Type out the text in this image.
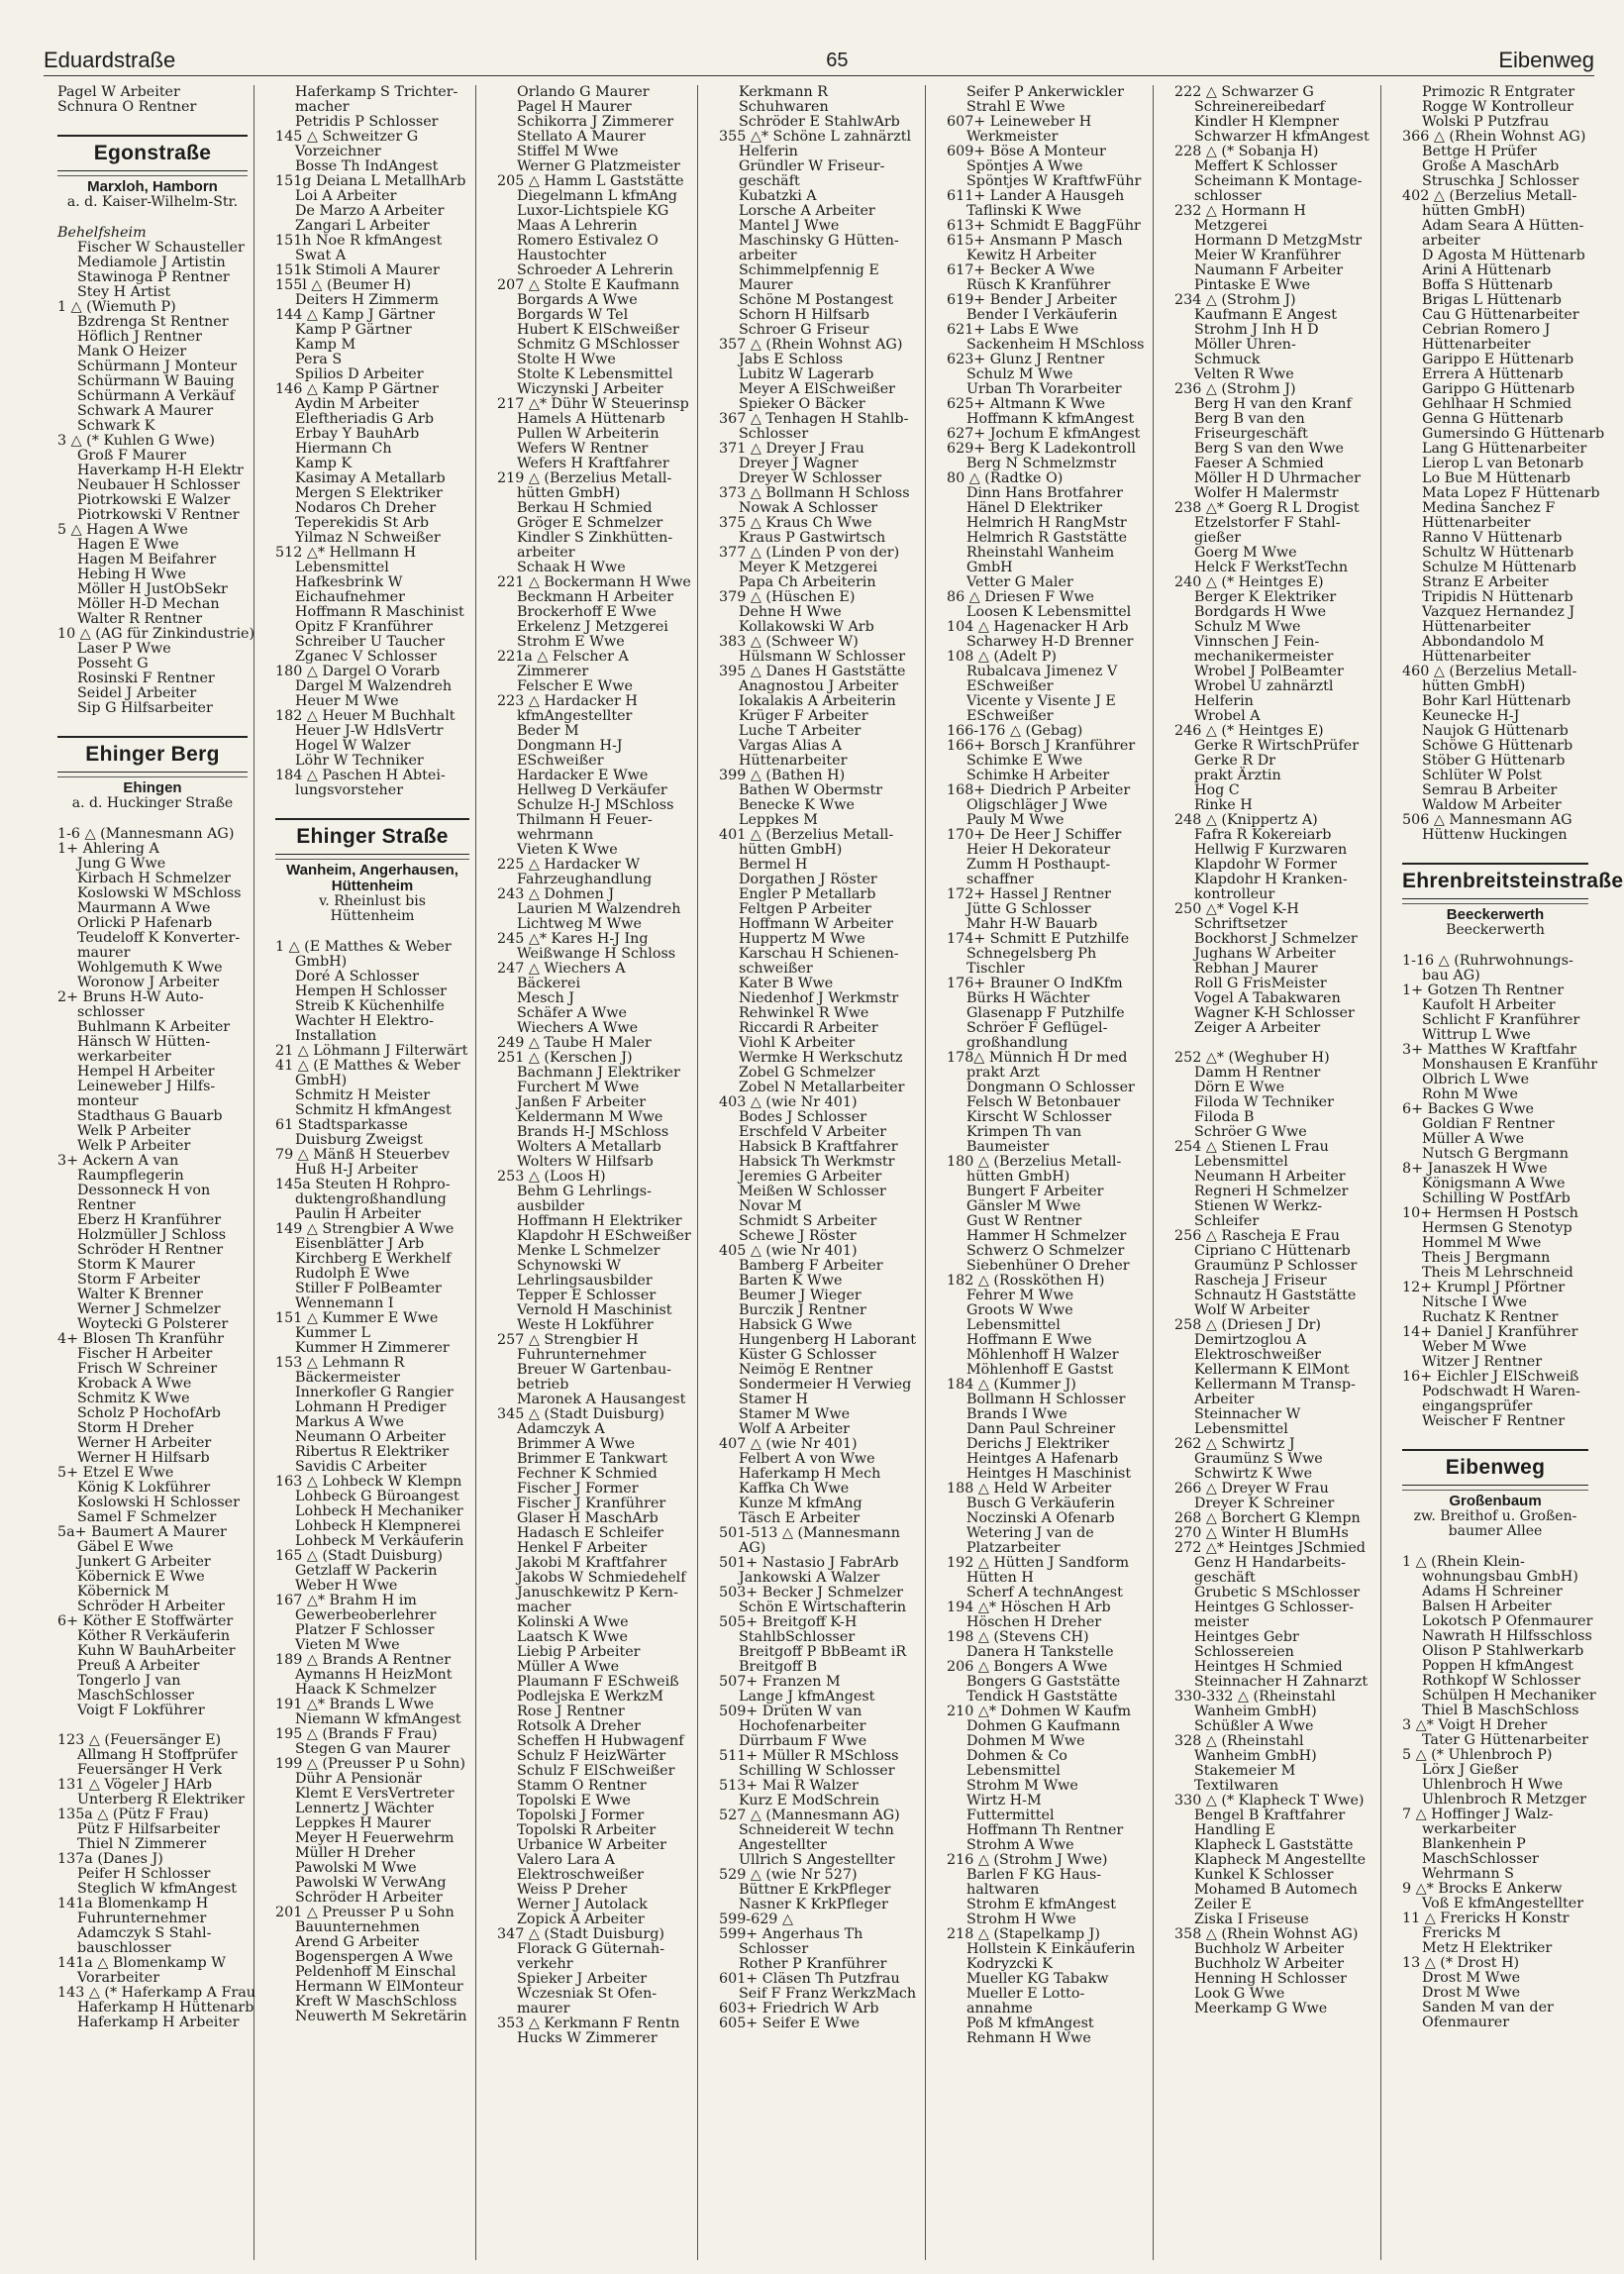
Eduardstraße	65	Eibenweg
Pagel W Arbeiter
Schnura O Rentner
Egonstraße
Marxloh, Hamborn
a. d. Kaiser-Wilhelm-Str.
Behelfsheim
Fischer W Schausteller
Mediamole J Artistin
Stawinoga P Rentner
Stey H Artist
1 △ (Wiemuth P)
Bzdrenga St Rentner
Höflich J Rentner
Mank O Heizer
Schürmann J Monteur
Schürmann W Bauing
Schürmann A Verkäuf
Schwark A Maurer
Schwark K
3 △ (* Kuhlen G Wwe)
Groß F Maurer
Haverkamp H-H Elektr
Neubauer H Schlosser
Piotrkowski E Walzer
Piotrkowski V Rentner
5 △ Hagen A Wwe
Hagen E Wwe
Hagen M Beifahrer
Hebing H Wwe
Möller H JustObSekr
Möller H-D Mechan
Walter R Rentner
10 △ (AG für Zinkindustrie)
Laser P Wwe
Posseht G
Rosinski F Rentner
Seidel J Arbeiter
Sip G Hilfsarbeiter
Ehinger Berg
Ehingen
a. d. Huckinger Straße
1-6 △ (Mannesmann AG)
1+ Ahlering A
Jung G Wwe
Kirbach H Schmelzer
Koslowski W MSchloss
Maurmann A Wwe
Orlicki P Hafenarb
Teudeloff K Konverter-
maurer
Wohlgemuth K Wwe
Woronow J Arbeiter
2+ Bruns H-W Auto-
schlosser
Buhlmann K Arbeiter
Hänsch W Hütten-
werkarbeiter
Hempel H Arbeiter
Leineweber J Hilfs-
monteur
Stadthaus G Bauarb
Welk P Arbeiter
Welk P Arbeiter
3+ Ackern A van
Raumpflegerin
Dessonneck H von
Rentner
Eberz H Kranführer
Holzmüller J Schloss
Schröder H Rentner
Storm K Maurer
Storm F Arbeiter
Walter K Brenner
Werner J Schmelzer
Woytecki G Polsterer
4+ Blosen Th Kranführ
Fischer H Arbeiter
Frisch W Schreiner
Kroback A Wwe
Schmitz K Wwe
Scholz P HochofArb
Storm H Dreher
Werner H Arbeiter
Werner H Hilfsarb
5+ Etzel E Wwe
König K Lokführer
Koslowski H Schlosser
Samel F Schmelzer
5a+ Baumert A Maurer
Gäbel E Wwe
Junkert G Arbeiter
Köbernick E Wwe
Köbernick M
Schröder H Arbeiter
6+ Köther E Stoffwärter
Köther R Verkäuferin
Kuhn W BauhArbeiter
Preuß A Arbeiter
Tongerlo J van
MaschSchlosser
Voigt F Lokführer

123 △ (Feuersänger E)
Allmang H Stoffprüfer
Feuersänger H Verk
131 △ Vögeler J HArb
Unterberg R Elektriker
135a △ (Pütz F Frau)
Pütz F Hilfsarbeiter
Thiel N Zimmerer
137a (Danes J)
Peifer H Schlosser
Steglich W kfmAngest
141a Blomenkamp H
Fuhrunternehmer
Adamczyk S Stahl-
bauschlosser
141a △ Blomenkamp W
Vorarbeiter
143 △ (* Haferkamp A Frau
Haferkamp H Hüttenarb
Haferkamp H Arbeiter
Haferkamp S Trichter-
macher
Petridis P Schlosser
145 △ Schweitzer G
Vorzeichner
Bosse Th IndAngest
151g Deiana L MetallhArb
Loi A Arbeiter
De Marzo A Arbeiter
Zangari L Arbeiter
151h Noe R kfmAngest
Swat A
151k Stimoli A Maurer
155l △ (Beumer H)
Deiters H Zimmerm
144 △ Kamp J Gärtner
Kamp P Gärtner
Kamp M
Pera S
Spilios D Arbeiter
146 △ Kamp P Gärtner
Aydin M Arbeiter
Eleftheriadis G Arb
Erbay Y BauhArb
Hiermann Ch
Kamp K
Kasimay A Metallarb
Mergen S Elektriker
Nodaros Ch Dreher
Teperekidis St Arb
Yilmaz N Schweißer
512 △* Hellmann H
Lebensmittel
Hafkesbrink W
Eichaufnehmer
Hoffmann R Maschinist
Opitz F Kranführer
Schreiber U Taucher
Zganec V Schlosser
180 △ Dargel O Vorarb
Dargel M Walzendreh
Heuer M Wwe
182 △ Heuer M Buchhalt
Heuer J-W HdlsVertr
Hogel W Walzer
Löhr W Techniker
184 △ Paschen H Abtei-
lungsvorsteher
Ehinger Straße
Wanheim, Angerhausen, Hüttenheim
v. Rheinlust bis Hüttenheim
1 △ (E Matthes & Weber
GmbH)
Doré A Schlosser
Hempen H Schlosser
Streib K Küchenhilfe
Wachter H Elektro-
Installation
21 △ Löhmann J Filterwärt
41 △ (E Matthes & Weber
GmbH)
Schmitz H Meister
Schmitz H kfmAngest
61 Stadtsparkasse
Duisburg Zweigst
79 △ Mänß H Steuerbev
Huß H-J Arbeiter
145a Steuten H Rohpro-
duktengroßhandlung
Paulin H Arbeiter
149 △ Strengbier A Wwe
Eisenblätter J Arb
Kirchberg E Werkhelf
Rudolph E Wwe
Stiller F PolBeamter
Wennemann I
151 △ Kummer E Wwe
Kummer L
Kummer H Zimmerer
153 △ Lehmann R
Bäckermeister
Innerkofler G Rangier
Lohmann H Prediger
Markus A Wwe
Neumann O Arbeiter
Ribertus R Elektriker
Savidis C Arbeiter
163 △ Lohbeck W Klempn
Lohbeck G Büroangest
Lohbeck H Mechaniker
Lohbeck H Klempnerei
Lohbeck M Verkäuferin
165 △ (Stadt Duisburg)
Getzlaff W Packerin
Weber H Wwe
167 △* Brahm H im
Gewerbeoberlehrer
Platzer F Schlosser
Vieten M Wwe
189 △ Brands A Rentner
Aymanns H HeizMont
Haack K Schmelzer
191 △* Brands L Wwe
Niemann W kfmAngest
195 △ (Brands F Frau)
Stegen G van Maurer
199 △ (Preusser P u Sohn)
Dühr A Pensionär
Klemt E VersVertreter
Lennertz J Wächter
Leppkes H Maurer
Meyer H Feuerwehrm
Müller H Dreher
Pawolski M Wwe
Pawolski W VerwAng
Schröder H Arbeiter
201 △ Preusser P u Sohn
Bauunternehmen
Arend G Arbeiter
Bogenspergen A Wwe
Peldenhoff M Einschal
Hermann W ElMonteur
Kreft W MaschSchloss
Neuwerth M Sekretärin
Orlando G Maurer
Pagel H Maurer
Schikorra J Zimmerer
Stellato A Maurer
Stiffel M Wwe
Werner G Platzmeister
205 △ Hamm L Gaststätte
Diegelmann L kfmAng
Luxor-Lichtspiele KG
Maas A Lehrerin
Romero Estivalez O
Haustochter
Schroeder A Lehrerin
207 △ Stolte E Kaufmann
Borgards A Wwe
Borgards W Tel
Hubert K ElSchweißer
Schmitz G MSchlosser
Stolte H Wwe
Stolte K Lebensmittel
Wiczynski J Arbeiter
217 △* Dühr W Steuerinsp
Hamels A Hüttenarb
Pullen W Arbeiterin
Wefers W Rentner
Wefers H Kraftfahrer
219 △ (Berzelius Metall-
hütten GmbH)
Berkau H Schmied
Gröger E Schmelzer
Kindler S Zinkhütten-
arbeiter
Schaak H Wwe
221 △ Bockermann H Wwe
Beckmann H Arbeiter
Brockerhoff E Wwe
Erkelenz J Metzgerei
Strohm E Wwe
221a △ Felscher A
Zimmerer
Felscher E Wwe
223 △ Hardacker H
kfmAngestellter
Beder M
Dongmann H-J
ESchweißer
Hardacker E Wwe
Hellweg D Verkäufer
Schulze H-J MSchloss
Thilmann H Feuer-
wehrmann
Vieten K Wwe
225 △ Hardacker W
Fahrzeughandlung
243 △ Dohmen J
Laurien M Walzendreh
Lichtweg M Wwe
245 △* Kares H-J Ing
Weißwange H Schloss
247 △ Wiechers A
Bäckerei
Mesch J
Schäfer A Wwe
Wiechers A Wwe
249 △ Taube H Maler
251 △ (Kerschen J)
Bachmann J Elektriker
Furchert M Wwe
Janßen F Arbeiter
Keldermann M Wwe
Brands H-J MSchloss
Wolters A Metallarb
Wolters W Hilfsarb
253 △ (Loos H)
Behm G Lehrlings-
ausbilder
Hoffmann H Elektriker
Klapdohr H ESchweißer
Menke L Schmelzer
Schynowski W
Lehrlingsausbilder
Tepper E Schlosser
Vernold H Maschinist
Weste H Lokführer
257 △ Strengbier H
Fuhrunternehmer
Breuer W Gartenbau-
betrieb
Maronek A Hausangest
345 △ (Stadt Duisburg)
Adamczyk A
Brimmer A Wwe
Brimmer E Tankwart
Fechner K Schmied
Fischer J Former
Fischer J Kranführer
Glaser H MaschArb
Hadasch E Schleifer
Henkel F Arbeiter
Jakobi M Kraftfahrer
Jakobs W Schmiedehelf
Januschkewitz P Kern-
macher
Kolinski A Wwe
Laatsch K Wwe
Liebig P Arbeiter
Müller A Wwe
Plaumann F ESchweiß
Podlejska E WerkzM
Rose J Rentner
Rotsolk A Dreher
Scheffen H Hubwagenf
Schulz F HeizWärter
Schulz F ElSchweißer
Stamm O Rentner
Topolski E Wwe
Topolski J Former
Topolski R Arbeiter
Urbanice W Arbeiter
Valero Lara A
Elektroschweißer
Weiss P Dreher
Werner J Autolack
Zopick A Arbeiter
347 △ (Stadt Duisburg)
Florack G Güternah-
verkehr
Spieker J Arbeiter
Wczesniak St Ofen-
maurer
353 △ Kerkmann F Rentn
Hucks W Zimmerer
Kerkmann R
Schuhwaren
Schröder E StahlwArb
355 △* Schöne L zahnärztl
Helferin
Gründler W Friseur-
geschäft
Kubatzki A
Lorsche A Arbeiter
Mantel J Wwe
Maschinsky G Hütten-
arbeiter
Schimmelpfennig E
Maurer
Schöne M Postangest
Schorn H Hilfsarb
Schroer G Friseur
357 △ (Rhein Wohnst AG)
Jabs E Schloss
Lubitz W Lagerarb
Meyer A ElSchweißer
Spieker O Bäcker
367 △ Tenhagen H Stahlb-
Schlosser
371 △ Dreyer J Frau
Dreyer J Wagner
Dreyer W Schlosser
373 △ Bollmann H Schloss
Nowak A Schlosser
375 △ Kraus Ch Wwe
Kraus P Gastwirtsch
377 △ (Linden P von der)
Meyer K Metzgerei
Papa Ch Arbeiterin
379 △ (Hüschen E)
Dehne H Wwe
Kollakowski W Arb
383 △ (Schweer W)
Hülsmann W Schlosser
395 △ Danes H Gaststätte
Anagnostou J Arbeiter
Iokalakis A Arbeiterin
Krüger F Arbeiter
Luche T Arbeiter
Vargas Alias A
Hüttenarbeiter
399 △ (Bathen H)
Bathen W Obermstr
Benecke K Wwe
Leppkes M
401 △ (Berzelius Metall-
hütten GmbH)
Bermel H
Dorgathen J Röster
Engler P Metallarb
Feltgen P Arbeiter
Hoffmann W Arbeiter
Huppertz M Wwe
Karschau H Schienen-
schweißer
Kater B Wwe
Niedenhof J Werkmstr
Rehwinkel R Wwe
Riccardi R Arbeiter
Viohl K Arbeiter
Wermke H Werkschutz
Zobel G Schmelzer
Zobel N Metallarbeiter
403 △ (wie Nr 401)
Bodes J Schlosser
Erschfeld V Arbeiter
Habsick B Kraftfahrer
Habsick Th Werkmstr
Jeremies G Arbeiter
Meißen W Schlosser
Novar M
Schmidt S Arbeiter
Schewe J Röster
405 △ (wie Nr 401)
Bamberg F Arbeiter
Barten K Wwe
Beumer J Wieger
Burczik J Rentner
Habsick G Wwe
Hungenberg H Laborant
Küster G Schlosser
Neimög E Rentner
Sondermeier H Verwieg
Stamer H
Stamer M Wwe
Wolf A Arbeiter
407 △ (wie Nr 401)
Felbert A von Wwe
Haferkamp H Mech
Kaffka Ch Wwe
Kunze M kfmAng
Täsch E Arbeiter
501-513 △ (Mannesmann
AG)
501+ Nastasio J FabrArb
Jankowski A Walzer
503+ Becker J Schmelzer
Schön E Wirtschafterin
505+ Breitgoff K-H
StahlbSchlosser
Breitgoff P BbBeamt iR
Breitgoff B
507+ Franzen M
Lange J kfmAngest
509+ Drüten W van
Hochofenarbeiter
Dürrbaum F Wwe
511+ Müller R MSchloss
Schilling W Schlosser
513+ Mai R Walzer
Kurz E ModSchrein
527 △ (Mannesmann AG)
Schneidereit W techn
Angestellter
Ullrich S Angestellter
529 △ (wie Nr 527)
Büttner E KrkPfleger
Nasner K KrkPfleger
599-629 △
599+ Angerhaus Th
Schlosser
Rother P Kranführer
601+ Cläsen Th Putzfrau
Seif F Franz WerkzMach
603+ Friedrich W Arb
605+ Seifer E Wwe
Seifer P Ankerwickler
Strahl E Wwe
607+ Leineweber H
Werkmeister
609+ Böse A Monteur
Spöntjes A Wwe
Spöntjes W KraftfwFühr
611+ Lander A Hausgeh
Taflinski K Wwe
613+ Schmidt E BaggFühr
615+ Ansmann P Masch
Kewitz H Arbeiter
617+ Becker A Wwe
Rüsch K Kranführer
619+ Bender J Arbeiter
Bender I Verkäuferin
621+ Labs E Wwe
Sackenheim H MSchloss
623+ Glunz J Rentner
Schulz M Wwe
Urban Th Vorarbeiter
625+ Altmann K Wwe
Hoffmann K kfmAngest
627+ Jochum E kfmAngest
629+ Berg K Ladekontroll
Berg N Schmelzmstr
80 △ (Radtke O)
Dinn Hans Brotfahrer
Hänel D Elektriker
Helmrich H RangMstr
Helmrich R Gaststätte
Rheinstahl Wanheim
GmbH
Vetter G Maler
86 △ Driesen F Wwe
Loosen K Lebensmittel
104 △ Hagenacker H Arb
Scharwey H-D Brenner
108 △ (Adelt P)
Rubalcava Jimenez V
ESchweißer
Vicente y Visente J E
ESchweißer
166-176 △ (Gebag)
166+ Borsch J Kranführer
Schimke E Wwe
Schimke H Arbeiter
168+ Diedrich P Arbeiter
Oligschläger J Wwe
Pauly M Wwe
170+ De Heer J Schiffer
Heier H Dekorateur
Zumm H Posthaupt-
schaffner
172+ Hassel J Rentner
Jütte G Schlosser
Mahr H-W Bauarb
174+ Schmitt E Putzhilfe
Schnegelsberg Ph
Tischler
176+ Brauner O IndKfm
Bürks H Wächter
Glasenapp F Putzhilfe
Schröer F Geflügel-
großhandlung
178△ Münnich H Dr med
prakt Arzt
Dongmann O Schlosser
Felsch W Betonbauer
Kirscht W Schlosser
Krimpen Th van
Baumeister
180 △ (Berzelius Metall-
hütten GmbH)
Bungert F Arbeiter
Gänsler M Wwe
Gust W Rentner
Hammer H Schmelzer
Schwerz O Schmelzer
Siebenhüner O Dreher
182 △ (Rossköthen H)
Fehrer M Wwe
Groots W Wwe
Lebensmittel
Hoffmann E Wwe
Möhlenhoff H Walzer
Möhlenhoff E Gastst
184 △ (Kummer J)
Bollmann H Schlosser
Brands I Wwe
Dann Paul Schreiner
Derichs J Elektriker
Heintges A Hafenarb
Heintges H Maschinist
188 △ Held W Arbeiter
Busch G Verkäuferin
Noczinski A Ofenarb
Wetering J van de
Platzarbeiter
192 △ Hütten J Sandform
Hütten H
Scherf A technAngest
194 △* Höschen H Arb
Höschen H Dreher
198 △ (Stevens CH)
Danera H Tankstelle
206 △ Bongers A Wwe
Bongers G Gaststätte
Tendick H Gaststätte
210 △* Dohmen W Kaufm
Dohmen G Kaufmann
Dohmen M Wwe
Dohmen & Co
Lebensmittel
Strohm M Wwe
Wirtz H-M
Futtermittel
Hoffmann Th Rentner
Strohm A Wwe
216 △ (Strohm J Wwe)
Barlen F KG Haus-
haltwaren
Strohm E kfmAngest
Strohm H Wwe
218 △ (Stapelkamp J)
Hollstein K Einkäuferin
Kodryzcki K
Mueller KG Tabakw
Mueller E Lotto-
annahme
Poß M kfmAngest
Rehmann H Wwe
222 △ Schwarzer G
Schreinereibedarf
Kindler H Klempner
Schwarzer H kfmAngest
228 △ (* Sobanja H)
Meffert K Schlosser
Scheimann K Montage-
schlosser
232 △ Hormann H
Metzgerei
Hormann D MetzgMstr
Meier W Kranführer
Naumann F Arbeiter
Pintaske E Wwe
234 △ (Strohm J)
Kaufmann E Angest
Strohm J Inh H D
Möller Uhren-
Schmuck
Velten R Wwe
236 △ (Strohm J)
Berg H van den Kranf
Berg B van den
Friseurgeschäft
Berg S van den Wwe
Faeser A Schmied
Möller H D Uhrmacher
Wolfer H Malermstr
238 △* Goerg R L Drogist
Etzelstorfer F Stahl-
gießer
Goerg M Wwe
Helck F WerkstTechn
240 △ (* Heintges E)
Berger K Elektriker
Bordgards H Wwe
Schulz M Wwe
Vinnschen J Fein-
mechanikermeister
Wrobel J PolBeamter
Wrobel U zahnärztl
Helferin
Wrobel A
246 △ (* Heintges E)
Gerke R WirtschPrüfer
Gerke R Dr
prakt Ärztin
Hog C
Rinke H
248 △ (Knippertz A)
Fafra R Kokereiarb
Hellwig F Kurzwaren
Klapdohr W Former
Klapdohr H Kranken-
kontrolleur
250 △* Vogel K-H
Schriftsetzer
Bockhorst J Schmelzer
Jughans W Arbeiter
Rebhan J Maurer
Roll G FrisMeister
Vogel A Tabakwaren
Wagner K-H Schlosser
Zeiger A Arbeiter

252 △* (Weghuber H)
Damm H Rentner
Dörn E Wwe
Filoda W Techniker
Filoda B
Schröer G Wwe
254 △ Stienen L Frau
Lebensmittel
Neumann H Arbeiter
Regneri H Schmelzer
Stienen W Werkz-
Schleifer
256 △ Rascheja E Frau
Cipriano C Hüttenarb
Graumünz P Schlosser
Rascheja J Friseur
Schnautz H Gaststätte
Wolf W Arbeiter
258 △ (Driesen J Dr)
Demirtzoglou A
Elektroschweißer
Kellermann K ElMont
Kellermann M Transp-
Arbeiter
Steinnacher W
Lebensmittel
262 △ Schwirtz J
Graumünz S Wwe
Schwirtz K Wwe
266 △ Dreyer W Frau
Dreyer K Schreiner
268 △ Borchert G Klempn
270 △ Winter H BlumHs
272 △* Heintges JSchmied
Genz H Handarbeits-
geschäft
Grubetic S MSchlosser
Heintges G Schlosser-
meister
Heintges Gebr
Schlossereien
Heintges H Schmied
Steinnacher H Zahnarzt
330-332 △ (Rheinstahl
Wanheim GmbH)
Schüßler A Wwe
328 △ (Rheinstahl
Wanheim GmbH)
Stakemeier M
Textilwaren
330 △ (* Klapheck T Wwe)
Bengel B Kraftfahrer
Handling E
Klapheck L Gaststätte
Klapheck M Angestellte
Kunkel K Schlosser
Mohamed B Automech
Zeiler E
Ziska I Friseuse
358 △ (Rhein Wohnst AG)
Buchholz W Arbeiter
Buchholz W Arbeiter
Henning H Schlosser
Look G Wwe
Meerkamp G Wwe
Primozic R Entgrater
Rogge W Kontrolleur
Wolski P Putzfrau
366 △ (Rhein Wohnst AG)
Bettge H Prüfer
Große A MaschArb
Struschka J Schlosser
402 △ (Berzelius Metall-
hütten GmbH)
Adam Seara A Hütten-
arbeiter
D Agosta M Hüttenarb
Arini A Hüttenarb
Boffa S Hüttenarb
Brigas L Hüttenarb
Cau G Hüttenarbeiter
Cebrian Romero J
Hüttenarbeiter
Garippo E Hüttenarb
Errera A Hüttenarb
Garippo G Hüttenarb
Gehlhaar H Schmied
Genna G Hüttenarb
Gumersindo G Hüttenarb
Lang G Hüttenarbeiter
Lierop L van Betonarb
Lo Bue M Hüttenarb
Mata Lopez F Hüttenarb
Medina Sanchez F
Hüttenarbeiter
Ranno V Hüttenarb
Schultz W Hüttenarb
Schulze M Hüttenarb
Stranz E Arbeiter
Tripidis N Hüttenarb
Vazquez Hernandez J
Hüttenarbeiter
Abbondandolo M
Hüttenarbeiter
460 △ (Berzelius Metall-
hütten GmbH)
Bohr Karl Hüttenarb
Keunecke H-J
Naujok G Hüttenarb
Schöwe G Hüttenarb
Stöber G Hüttenarb
Schlüter W Polst
Semrau B Arbeiter
Waldow M Arbeiter
506 △ Mannesmann AG
Hüttenw Huckingen
Ehrenbreitsteinstraße
Beeckerwerth
Beeckerwerth
1-16 △ (Ruhrwohnungs-
bau AG)
1+ Gotzen Th Rentner
Kaufolt H Arbeiter
Schlicht F Kranführer
Wittrup L Wwe
3+ Matthes W Kraftfahr
Monshausen E Kranführ
Olbrich L Wwe
Rohn M Wwe
6+ Backes G Wwe
Goldian F Rentner
Müller A Wwe
Nutsch G Bergmann
8+ Janaszek H Wwe
Königsmann A Wwe
Schilling W PostfArb
10+ Hermsen H Postsch
Hermsen G Stenotyp
Hommel M Wwe
Theis J Bergmann
Theis M Lehrschneid
12+ Krumpl J Pförtner
Nitsche I Wwe
Ruchatz K Rentner
14+ Daniel J Kranführer
Weber M Wwe
Witzer J Rentner
16+ Eichler J ElSchweiß
Podschwadt H Waren-
eingangsprüfer
Weischer F Rentner
Eibenweg
Großenbaum
zw. Breithof u. Großen-baumer Allee
1 △ (Rhein Klein-
wohnungsbau GmbH)
Adams H Schreiner
Balsen H Arbeiter
Lokotsch P Ofenmaurer
Nawrath H Hilfsschloss
Olison P Stahlwerkarb
Poppen H kfmAngest
Rothkopf W Schlosser
Schülpen H Mechaniker
Thiel B MaschSchloss
3 △* Voigt H Dreher
Tater G Hüttenarbeiter
5 △ (* Uhlenbroch P)
Lörx J Gießer
Uhlenbroch H Wwe
Uhlenbroch R Metzger
7 △ Hoffinger J Walz-
werkarbeiter
Blankenhein P
MaschSchlosser
Wehrmann S
9 △* Brocks E Ankerw
Voß E kfmAngestellter
11 △ Frericks H Konstr
Frericks M
Metz H Elektriker
13 △ (* Drost H)
Drost M Wwe
Drost M Wwe
Sanden M van der
Ofenmaurer
